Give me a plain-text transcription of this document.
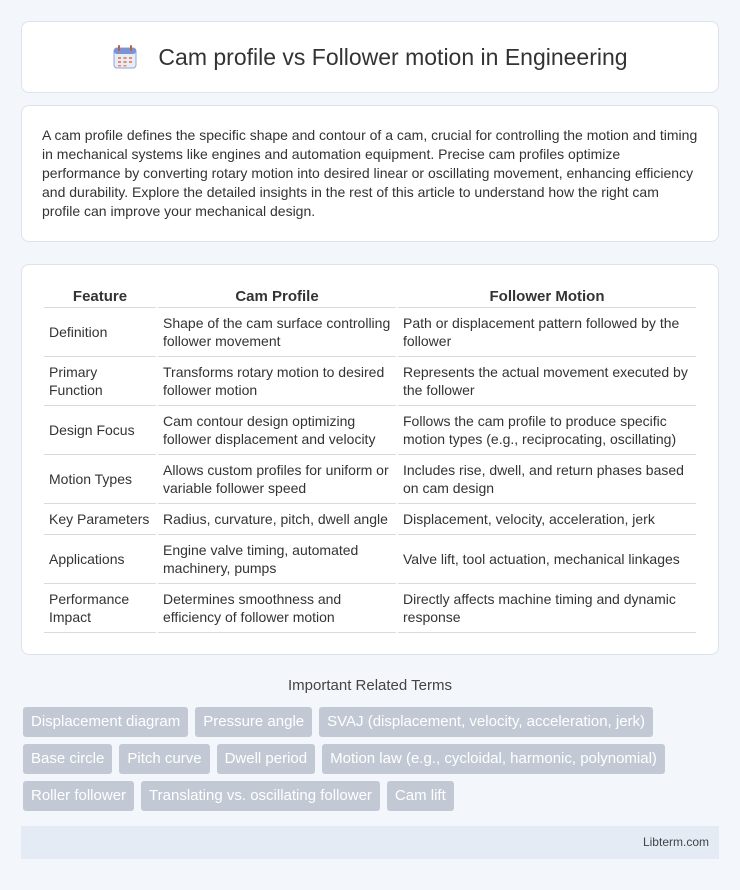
Cam profile vs Follower motion in Engineering

A cam profile defines the specific shape and contour of a cam, crucial for controlling the motion and timing in mechanical systems like engines and automation equipment. Precise cam profiles optimize performance by converting rotary motion into desired linear or oscillating movement, enhancing efficiency and durability. Explore the detailed insights in the rest of this article to understand how the right cam profile can improve your mechanical design.

Feature	Cam Profile	Follower Motion
Definition	Shape of the cam surface controlling follower movement	Path or displacement pattern followed by the follower
Primary Function	Transforms rotary motion to desired follower motion	Represents the actual movement executed by the follower
Design Focus	Cam contour design optimizing follower displacement and velocity	Follows the cam profile to produce specific motion types (e.g., reciprocating, oscillating)
Motion Types	Allows custom profiles for uniform or variable follower speed	Includes rise, dwell, and return phases based on cam design
Key Parameters	Radius, curvature, pitch, dwell angle	Displacement, velocity, acceleration, jerk
Applications	Engine valve timing, automated machinery, pumps	Valve lift, tool actuation, mechanical linkages
Performance Impact	Determines smoothness and efficiency of follower motion	Directly affects machine timing and dynamic response
Important Related Terms
Displacement diagram	Pressure angle	SVAJ (displacement, velocity, acceleration, jerk)
Base circle	Pitch curve	Dwell period	Motion law (e.g., cycloidal, harmonic, polynomial)
Roller follower	Translating vs. oscillating follower	Cam lift
Libterm.com
